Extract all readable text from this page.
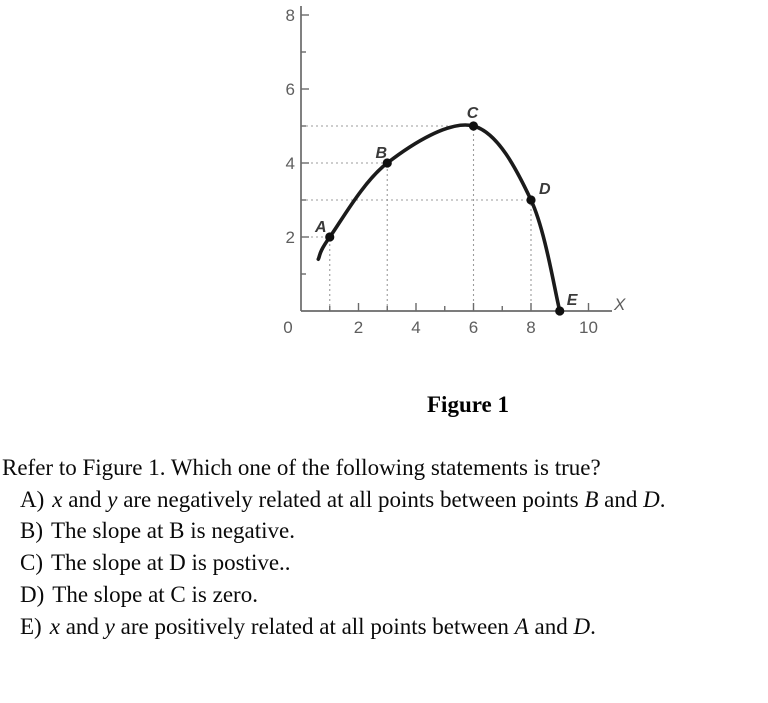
0	2	4	6	8	10
2
4
6
8
X
A
B
C
D
E
Figure 1
Refer to Figure 1. Which one of the following statements is true?
A) x and y are negatively related at all points between points B and D.
B) The slope at B is negative.
C) The slope at D is postive..
D) The slope at C is zero.
E) x and y are positively related at all points between A and D.
